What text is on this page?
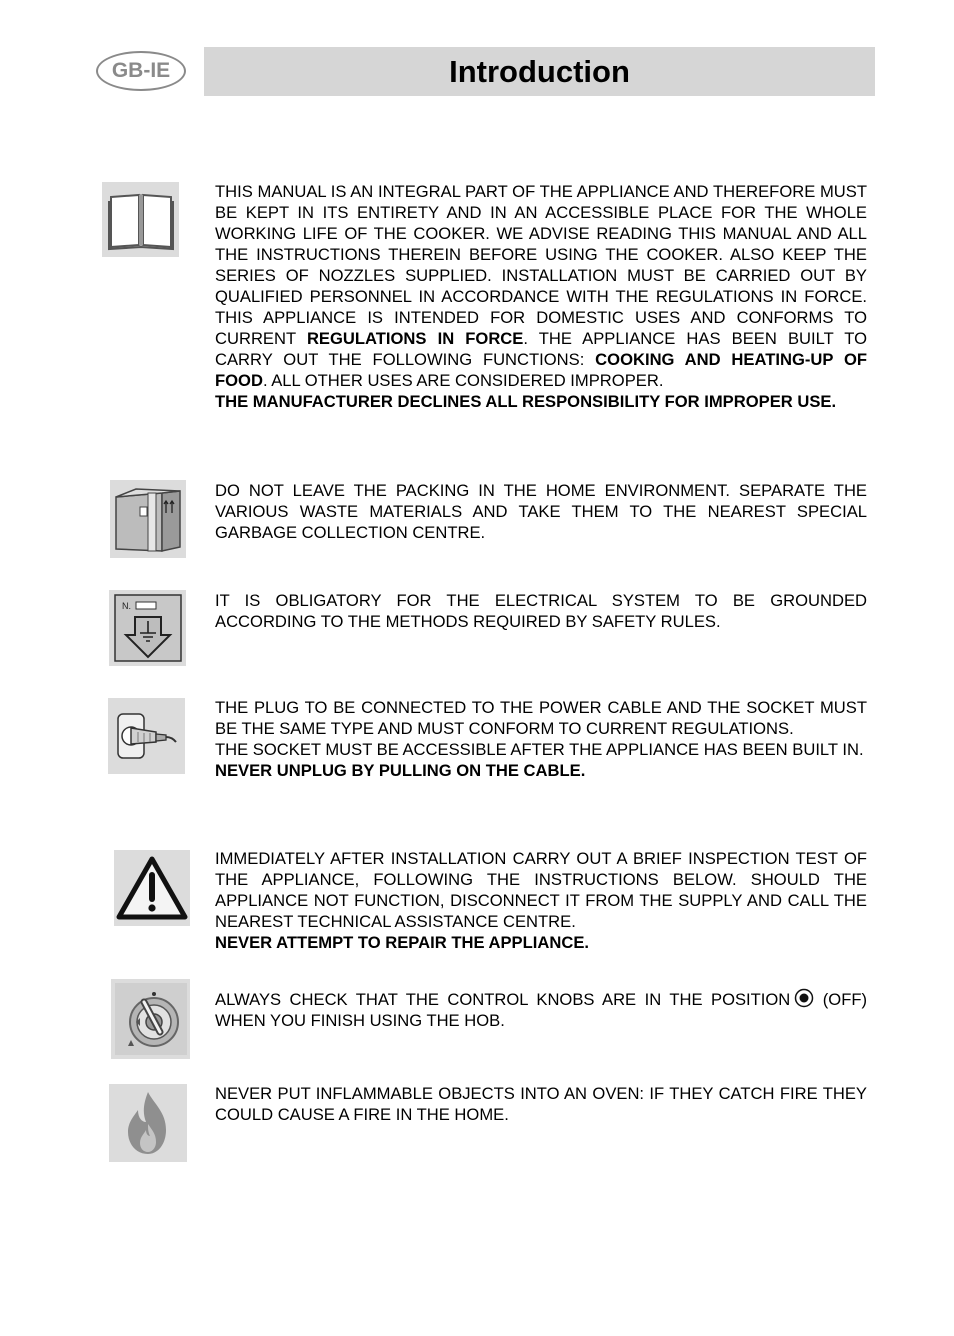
GB-IE	Introduction

THIS MANUAL IS AN INTEGRAL PART OF THE APPLIANCE AND THEREFORE MUST BE KEPT IN ITS ENTIRETY AND IN AN ACCESSIBLE PLACE FOR THE WHOLE WORKING LIFE OF THE COOKER. WE ADVISE READING THIS MANUAL AND ALL THE INSTRUCTIONS THEREIN BEFORE USING THE COOKER. ALSO KEEP THE SERIES OF NOZZLES SUPPLIED. INSTALLATION MUST BE CARRIED OUT BY QUALIFIED PERSONNEL IN ACCORDANCE WITH THE REGULATIONS IN FORCE. THIS APPLIANCE IS INTENDED FOR DOMESTIC USES AND CONFORMS TO CURRENT REGULATIONS IN FORCE. THE APPLIANCE HAS BEEN BUILT TO CARRY OUT THE FOLLOWING FUNCTIONS: COOKING AND HEATING-UP OF FOOD. ALL OTHER USES ARE CONSIDERED IMPROPER.

THE MANUFACTURER DECLINES ALL RESPONSIBILITY FOR IMPROPER USE.

DO NOT LEAVE THE PACKING IN THE HOME ENVIRONMENT. SEPARATE THE VARIOUS WASTE MATERIALS AND TAKE THEM TO THE NEAREST SPECIAL GARBAGE COLLECTION CENTRE.

N.	IT IS OBLIGATORY FOR THE ELECTRICAL SYSTEM TO BE GROUNDED ACCORDING TO THE METHODS REQUIRED BY SAFETY RULES.

THE PLUG TO BE CONNECTED TO THE POWER CABLE AND THE SOCKET MUST BE THE SAME TYPE AND MUST CONFORM TO CURRENT REGULATIONS.

THE SOCKET MUST BE ACCESSIBLE AFTER THE APPLIANCE HAS BEEN BUILT IN.

NEVER UNPLUG BY PULLING ON THE CABLE.

IMMEDIATELY AFTER INSTALLATION CARRY OUT A BRIEF INSPECTION TEST OF THE APPLIANCE, FOLLOWING THE INSTRUCTIONS BELOW. SHOULD THE APPLIANCE NOT FUNCTION, DISCONNECT IT FROM THE SUPPLY AND CALL THE NEAREST TECHNICAL ASSISTANCE CENTRE.

NEVER ATTEMPT TO REPAIR THE APPLIANCE.

ALWAYS CHECK THAT THE CONTROL KNOBS ARE IN THE POSITION (OFF) WHEN YOU FINISH USING THE HOB.

NEVER PUT INFLAMMABLE OBJECTS INTO AN OVEN: IF THEY CATCH FIRE THEY COULD CAUSE A FIRE IN THE HOME.
